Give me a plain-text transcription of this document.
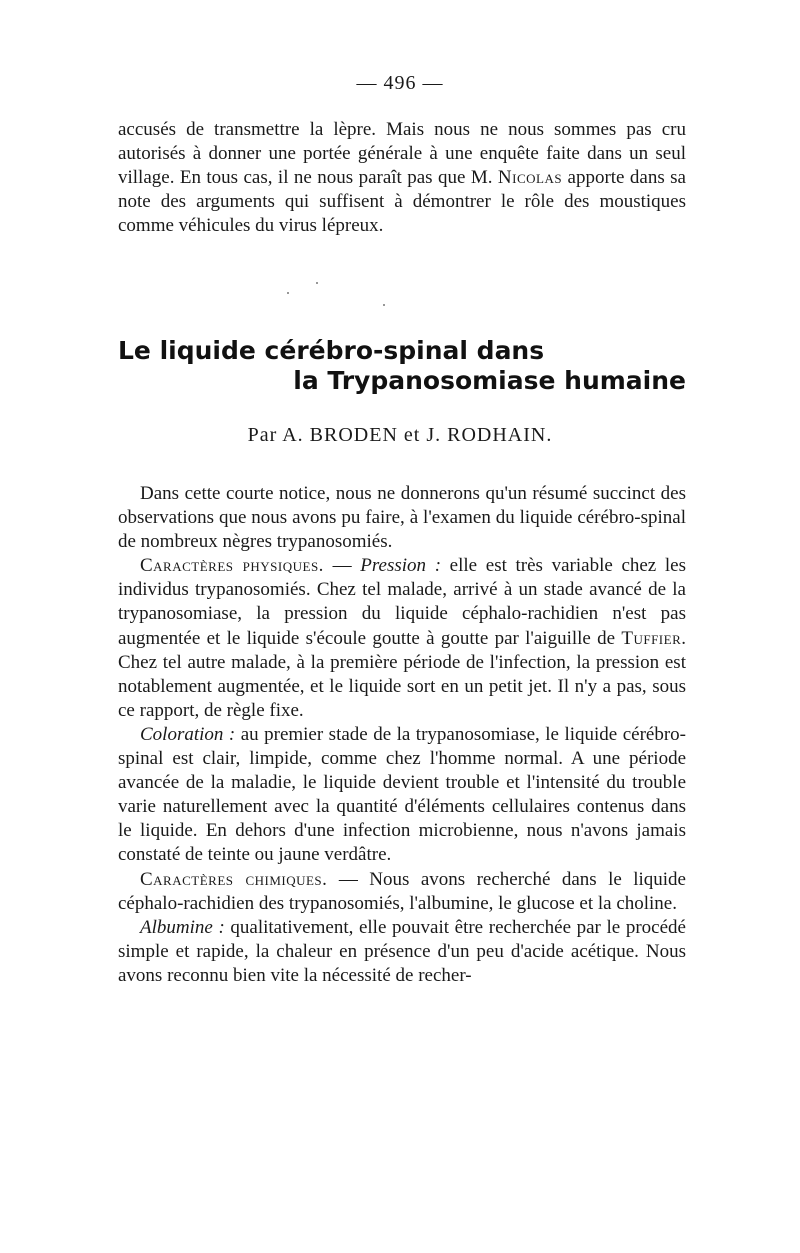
— 496 —

accusés de transmettre la lèpre. Mais nous ne nous sommes pas cru autorisés à donner une portée générale à une enquête faite dans un seul village. En tous cas, il ne nous paraît pas que M. Nicolas apporte dans sa note des arguments qui suffisent à démontrer le rôle des moustiques comme véhicules du virus lépreux.

Le liquide cérébro-spinal dans
la Trypanosomiase humaine
Par A. BRODEN et J. RODHAIN.

Dans cette courte notice, nous ne donnerons qu'un résumé succinct des observations que nous avons pu faire, à l'examen du liquide cérébro-spinal de nombreux nègres trypanosomiés.

Caractères physiques. — Pression : elle est très variable chez les individus trypanosomiés. Chez tel malade, arrivé à un stade avancé de la trypanosomiase, la pression du liquide céphalo-rachidien n'est pas augmentée et le liquide s'écoule goutte à goutte par l'aiguille de Tuffier. Chez tel autre malade, à la première période de l'infection, la pression est notablement augmentée, et le liquide sort en un petit jet. Il n'y a pas, sous ce rapport, de règle fixe.

Coloration : au premier stade de la trypanosomiase, le liquide cérébro-spinal est clair, limpide, comme chez l'homme normal. A une période avancée de la maladie, le liquide devient trouble et l'intensité du trouble varie naturellement avec la quantité d'éléments cellulaires contenus dans le liquide. En dehors d'une infection microbienne, nous n'avons jamais constaté de teinte ou jaune verdâtre.

Caractères chimiques. — Nous avons recherché dans le liquide céphalo-rachidien des trypanosomiés, l'albumine, le glucose et la choline.

Albumine : qualitativement, elle pouvait être recherchée par le procédé simple et rapide, la chaleur en présence d'un peu d'acide acétique. Nous avons reconnu bien vite la nécessité de recher-
